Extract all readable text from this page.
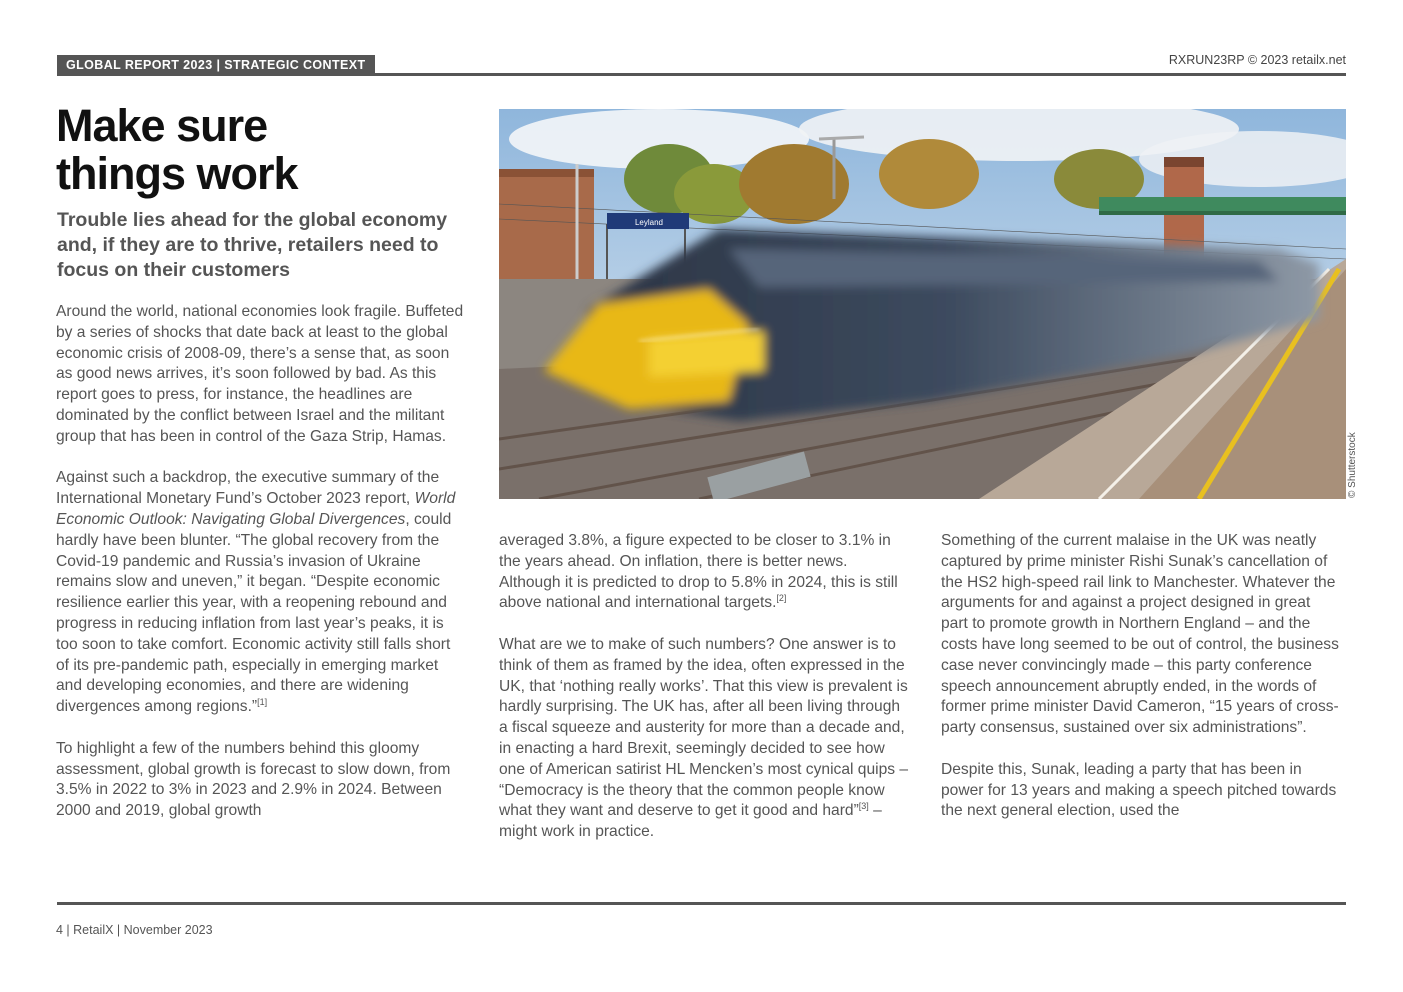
GLOBAL REPORT 2023 | STRATEGIC CONTEXT	RXRUN23RP © 2023 retailx.net
Make sure
things work

Trouble lies ahead for the global economy and, if they are to thrive, retailers need to focus on their customers

Around the world, national economies look fragile. Buffeted by a series of shocks that date back at least to the global economic crisis of 2008-09, there’s a sense that, as soon as good news arrives, it’s soon followed by bad. As this report goes to press, for instance, the headlines are dominated by the conflict between Israel and the militant group that has been in control of the Gaza Strip, Hamas.

Against such a backdrop, the executive summary of the International Monetary Fund’s October 2023 report, World Economic Outlook: Navigating Global Divergences, could hardly have been blunter. “The global recovery from the Covid-19 pandemic and Russia’s invasion of Ukraine remains slow and uneven,” it began. “Despite economic resilience earlier this year, with a reopening rebound and progress in reducing inflation from last year’s peaks, it is too soon to take comfort. Economic activity still falls short of its pre-pandemic path, especially in emerging market and developing economies, and there are widening divergences among regions.”[1]

To highlight a few of the numbers behind this gloomy assessment, global growth is forecast to slow down, from 3.5% in 2022 to 3% in 2023 and 2.9% in 2024. Between 2000 and 2019, global growth

Leyland
© Shutterstock

averaged 3.8%, a figure expected to be closer to 3.1% in the years ahead. On inflation, there is better news. Although it is predicted to drop to 5.8% in 2024, this is still above national and international targets.[2]

What are we to make of such numbers? One answer is to think of them as framed by the idea, often expressed in the UK, that ‘nothing really works’. That this view is prevalent is hardly surprising. The UK has, after all been living through a fiscal squeeze and austerity for more than a decade and, in enacting a hard Brexit, seemingly decided to see how one of American satirist HL Mencken’s most cynical quips – “Democracy is the theory that the common people know what they want and deserve to get it good and hard”[3] – might work in practice.

Something of the current malaise in the UK was neatly captured by prime minister Rishi Sunak’s cancellation of the HS2 high-speed rail link to Manchester. Whatever the arguments for and against a project designed in great part to promote growth in Northern England – and the costs have long seemed to be out of control, the business case never convincingly made – this party conference speech announcement abruptly ended, in the words of former prime minister David Cameron, “15 years of cross-party consensus, sustained over six administrations”.

Despite this, Sunak, leading a party that has been in power for 13 years and making a speech pitched towards the next general election, used the

4 | RetailX | November 2023
